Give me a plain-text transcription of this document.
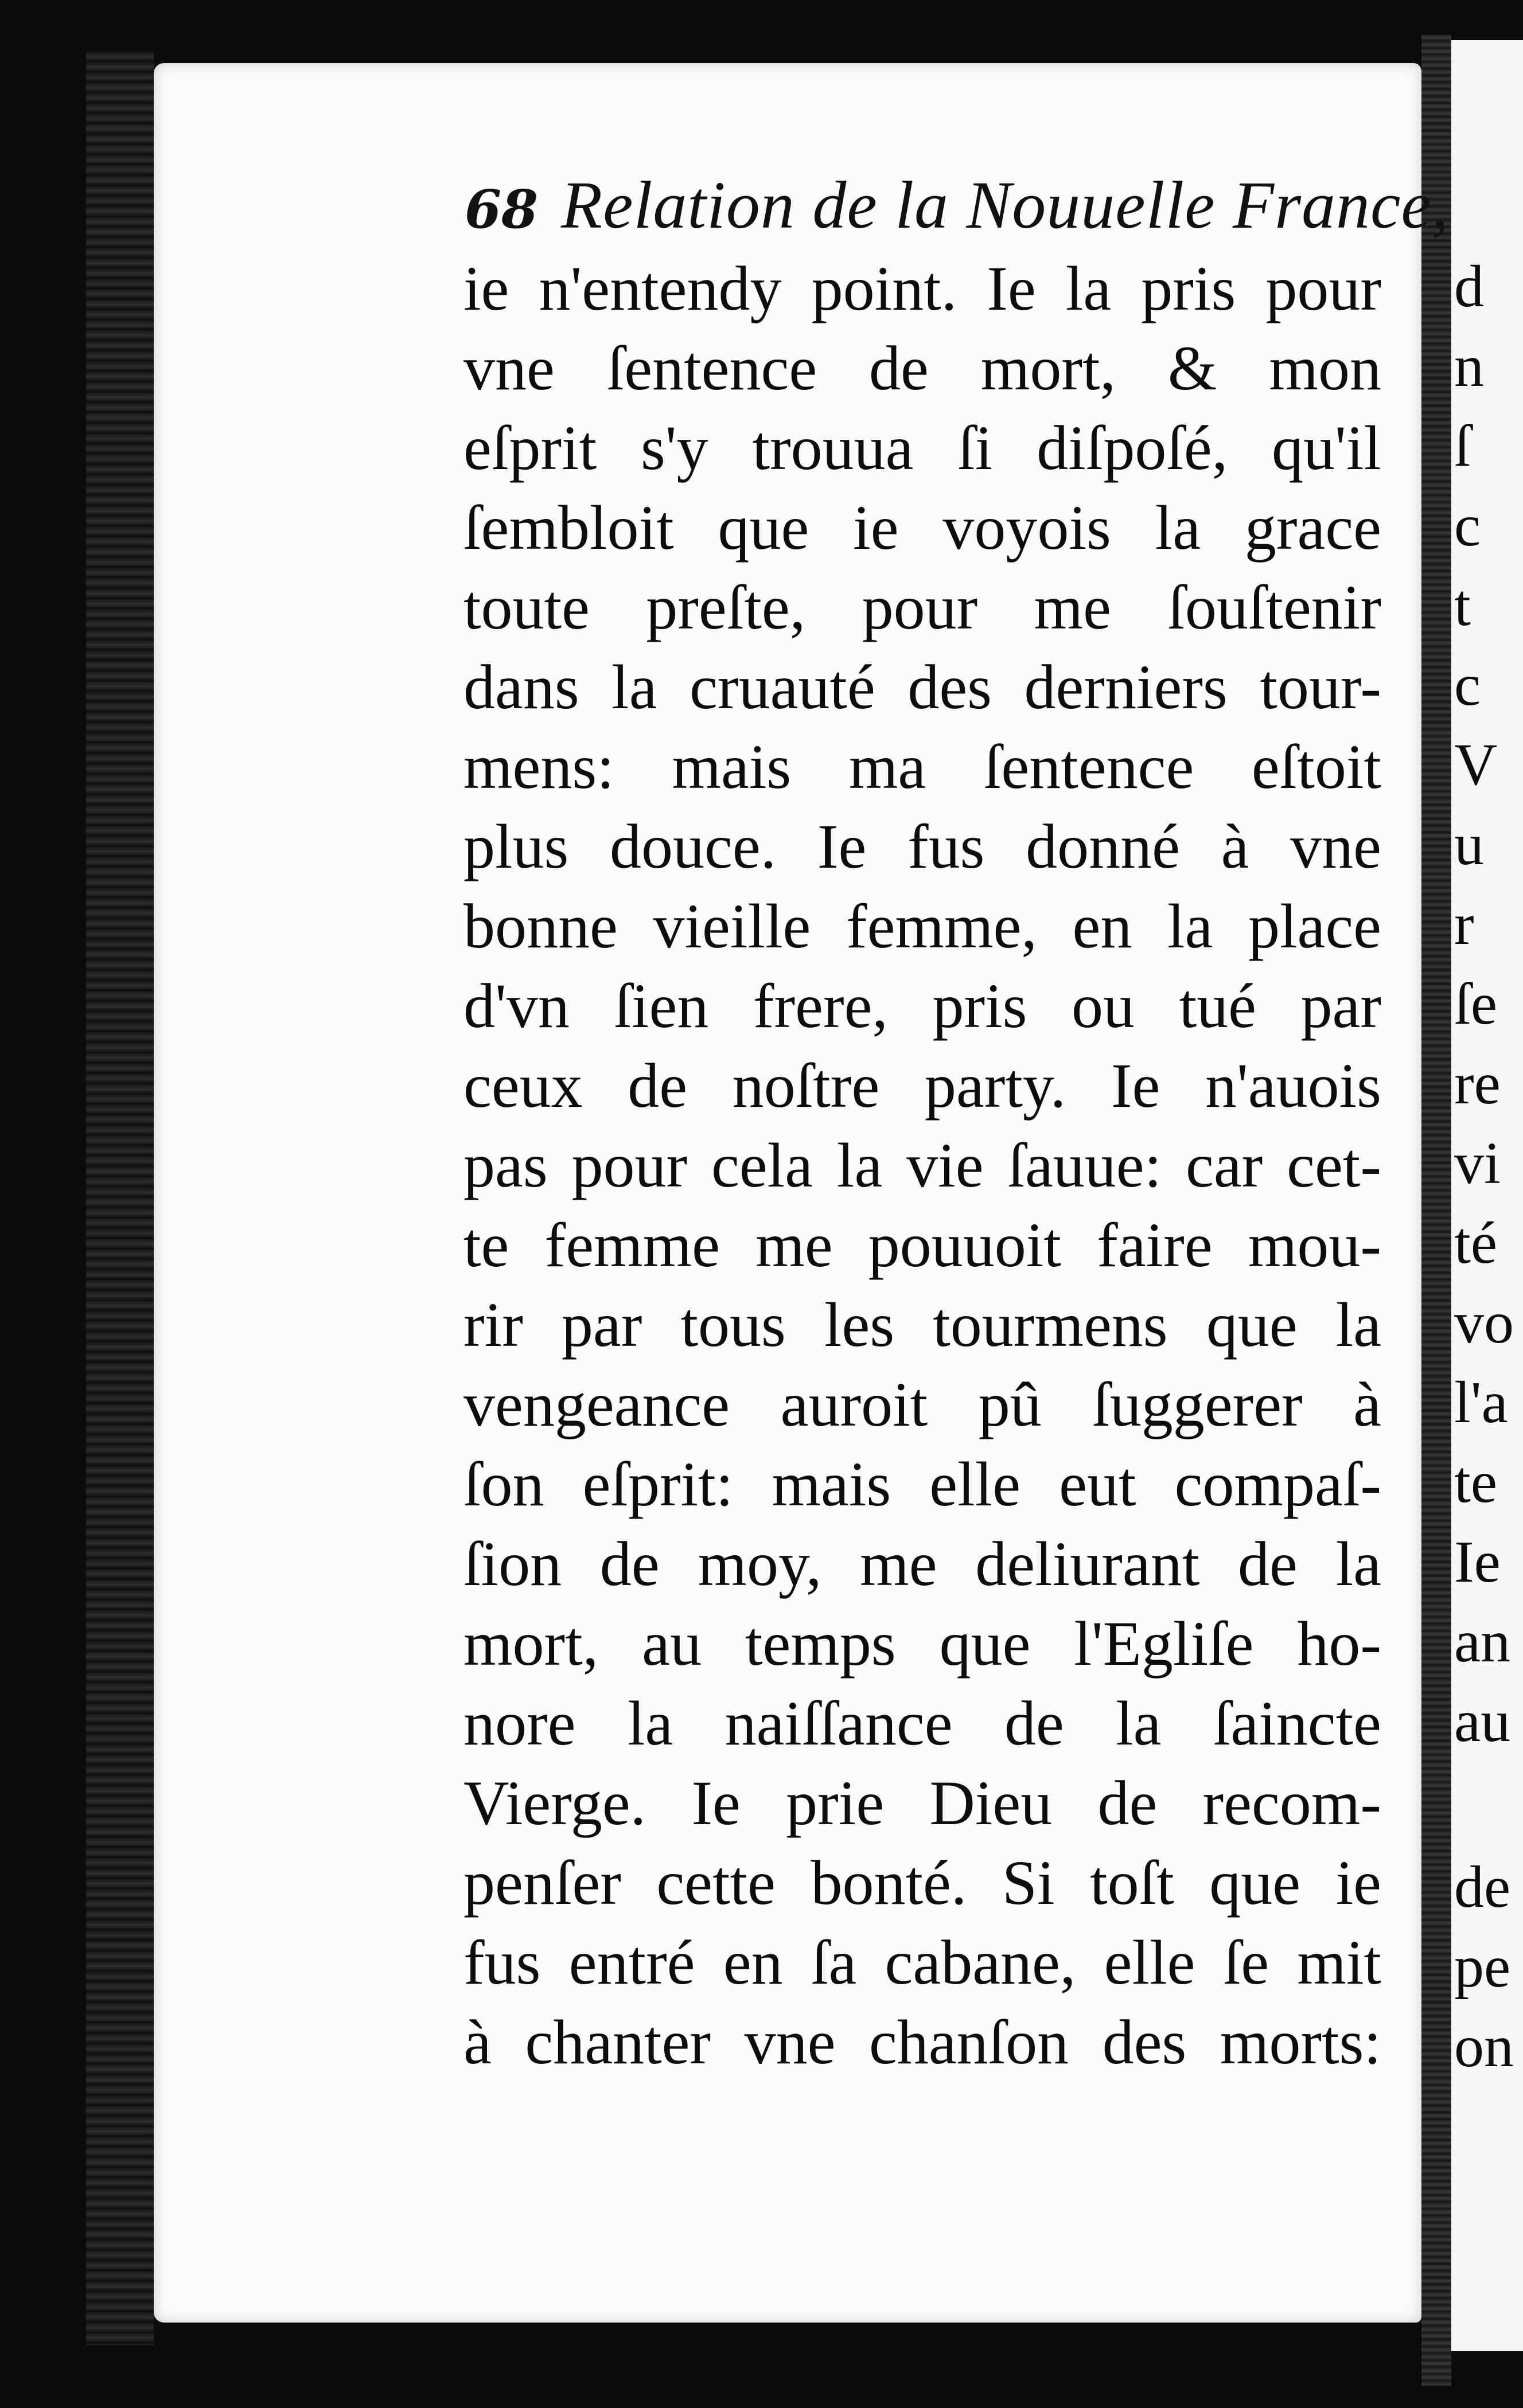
68 Relation de la Nouuelle France,
ie n'entendy point. Ie la pris pour
vne ſentence de mort, & mon
eſprit s'y trouua ſi diſpoſé, qu'il
ſembloit que ie voyois la grace
toute preſte, pour me ſouſtenir
dans la cruauté des derniers tour-
mens: mais ma ſentence eſtoit
plus douce. Ie fus donné à vne
bonne vieille femme, en la place
d'vn ſien frere, pris ou tué par
ceux de noſtre party. Ie n'auois
pas pour cela la vie ſauue: car cet-
te femme me pouuoit faire mou-
rir par tous les tourmens que la
vengeance auroit pû ſuggerer à
ſon eſprit: mais elle eut compaſ-
ſion de moy, me deliurant de la
mort, au temps que l'Egliſe ho-
nore la naiſſance de la ſaincte
Vierge. Ie prie Dieu de recom-
penſer cette bonté. Si toſt que ie
fus entré en ſa cabane, elle ſe mit
à chanter vne chanſon des morts:
d
n
ſ
c
t
c
V
u
r
ſe
re
vi
té
vo
l'a
te
Ie
an
au
de
pe
on
